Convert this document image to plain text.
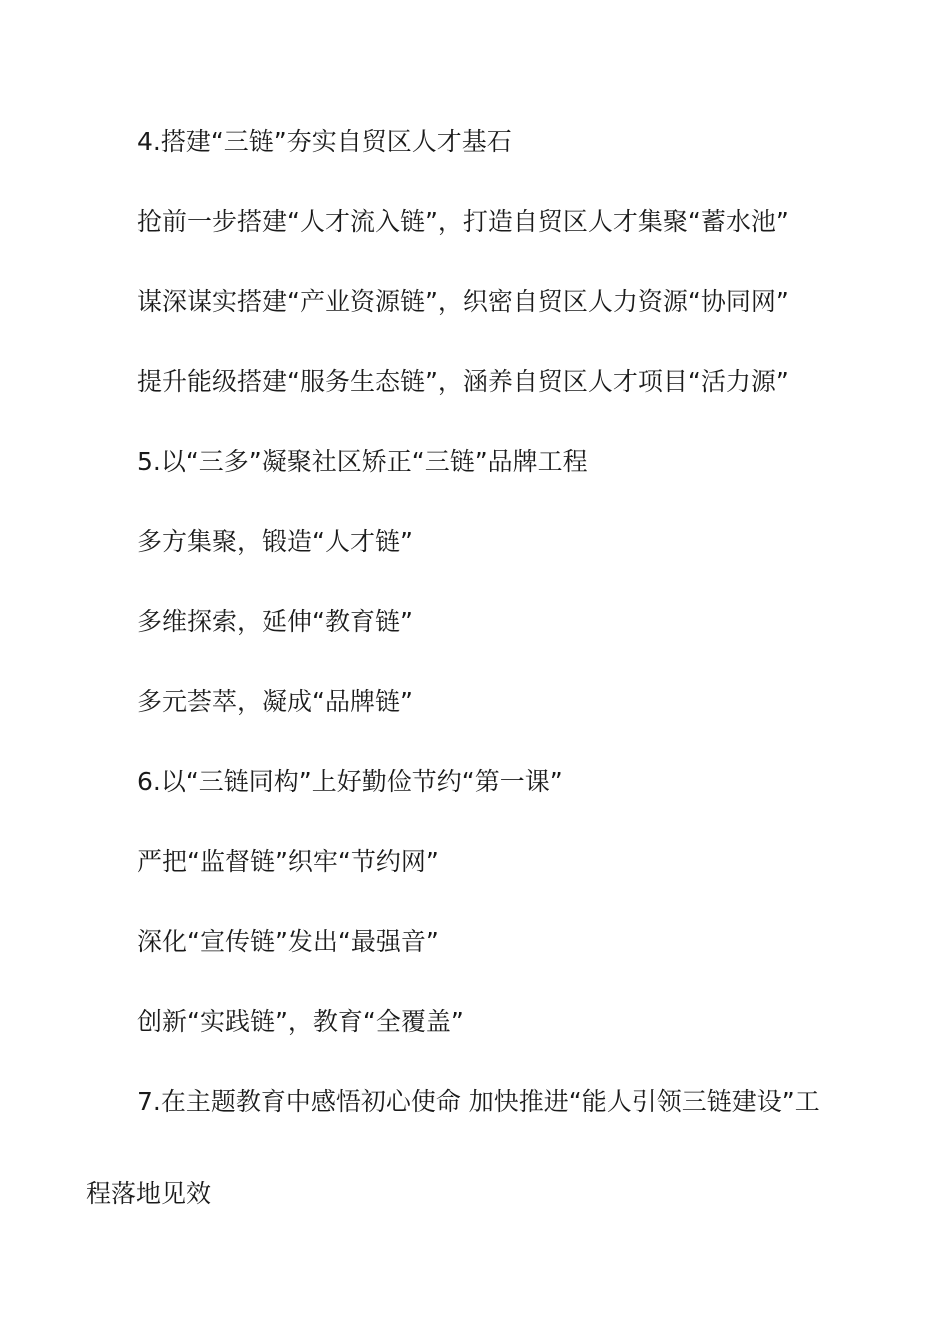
4.搭建“三链”夯实自贸区人才基石
抢前一步搭建“人才流入链”，打造自贸区人才集聚“蓄水池”
谋深谋实搭建“产业资源链”，织密自贸区人力资源“协同网”
提升能级搭建“服务生态链”，涵养自贸区人才项目“活力源”
5.以“三多”凝聚社区矫正“三链”品牌工程
多方集聚，锻造“人才链”
多维探索，延伸“教育链”
多元荟萃，凝成“品牌链”
6.以“三链同构”上好勤俭节约“第一课”
严把“监督链”织牢“节约网”
深化“宣传链”发出“最强音”
创新“实践链”，教育“全覆盖”
7.在主题教育中感悟初心使命 加快推进“能人引领三链建设”工
程落地见效
